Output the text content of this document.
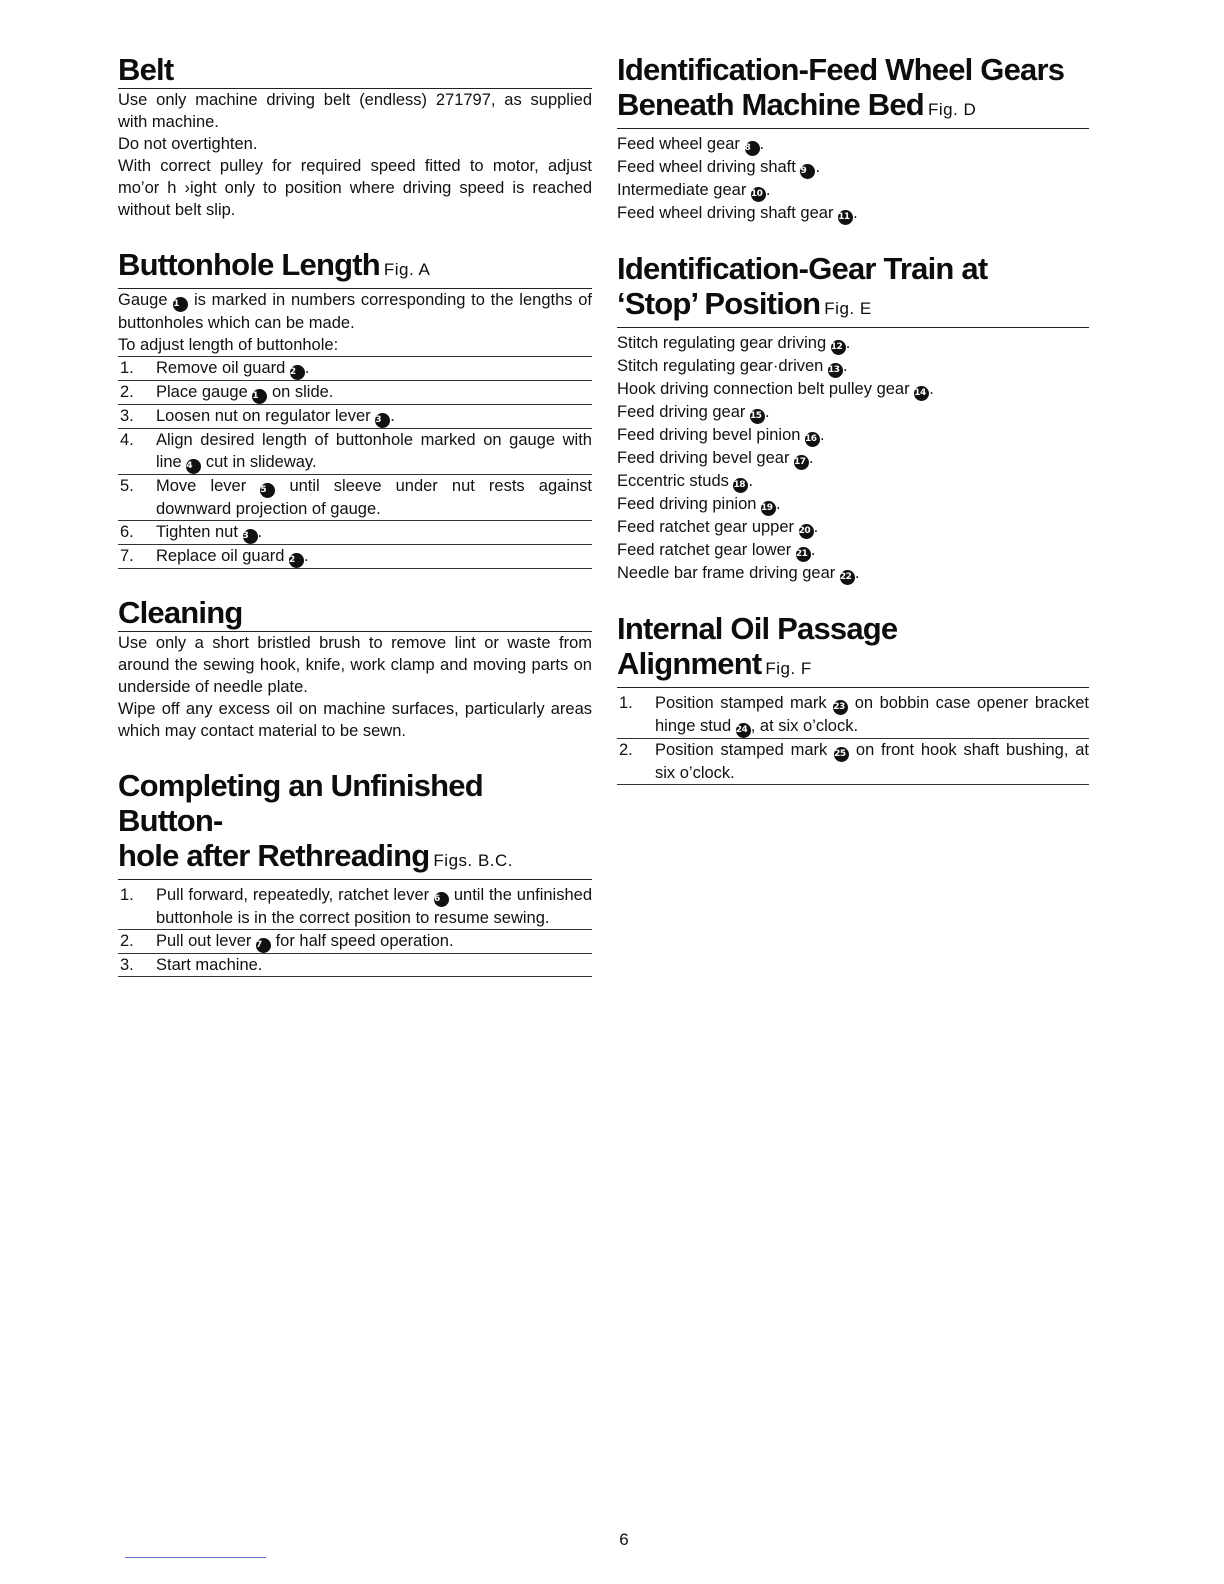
Belt

Use only machine driving belt (endless) 271797, as supplied with machine.

Do not overtighten.

With correct pulley for required speed fitted to motor, adjust mo’or h ›ight only to position where driving speed is reached without belt slip.

Buttonhole Length Fig. A

Gauge 1 is marked in numbers corresponding to the lengths of buttonholes which can be made.

To adjust length of buttonhole:

1. Remove oil guard 2 .
2. Place gauge 1 on slide.
3. Loosen nut on regulator lever 3 .
4. Align desired length of buttonhole marked on gauge with line 4 cut in slideway.
5. Move lever 5 until sleeve under nut rests against downward projection of gauge.
6. Tighten nut 3 .
7. Replace oil guard 2 .
Cleaning

Use only a short bristled brush to remove lint or waste from around the sewing hook, knife, work clamp and moving parts on underside of needle plate.

Wipe off any excess oil on machine surfaces, particularly areas which may contact material to be sewn.

Completing an Unfinished Button-
hole after Rethreading Figs. B.C.
1. Pull forward, repeatedly, ratchet lever 6 until the unfinished buttonhole is in the correct position to resume sewing.
2. Pull out lever 7 for half speed operation.
3. Start machine.
Identification-Feed Wheel Gears
Beneath Machine Bed Fig. D

Feed wheel gear 8 .

Feed wheel driving shaft 9 .

Intermediate gear 10 .

Feed wheel driving shaft gear 11 .

Identification-Gear Train at
‘Stop’ Position Fig. E

Stitch regulating gear driving 12 .

Stitch regulating gear·driven 13 .

Hook driving connection belt pulley gear 14 .

Feed driving gear 15 .

Feed driving bevel pinion 16 .

Feed driving bevel gear 17 .

Eccentric studs 18 .

Feed driving pinion 19 .

Feed ratchet gear upper 20 .

Feed ratchet gear lower 21 .

Needle bar frame driving gear 22 .

Internal Oil Passage
Alignment Fig. F
1. Position stamped mark 23 on bobbin case opener bracket hinge stud 24 , at six o’clock.
2. Position stamped mark 25 on front hook shaft bushing, at six o’clock.
6
